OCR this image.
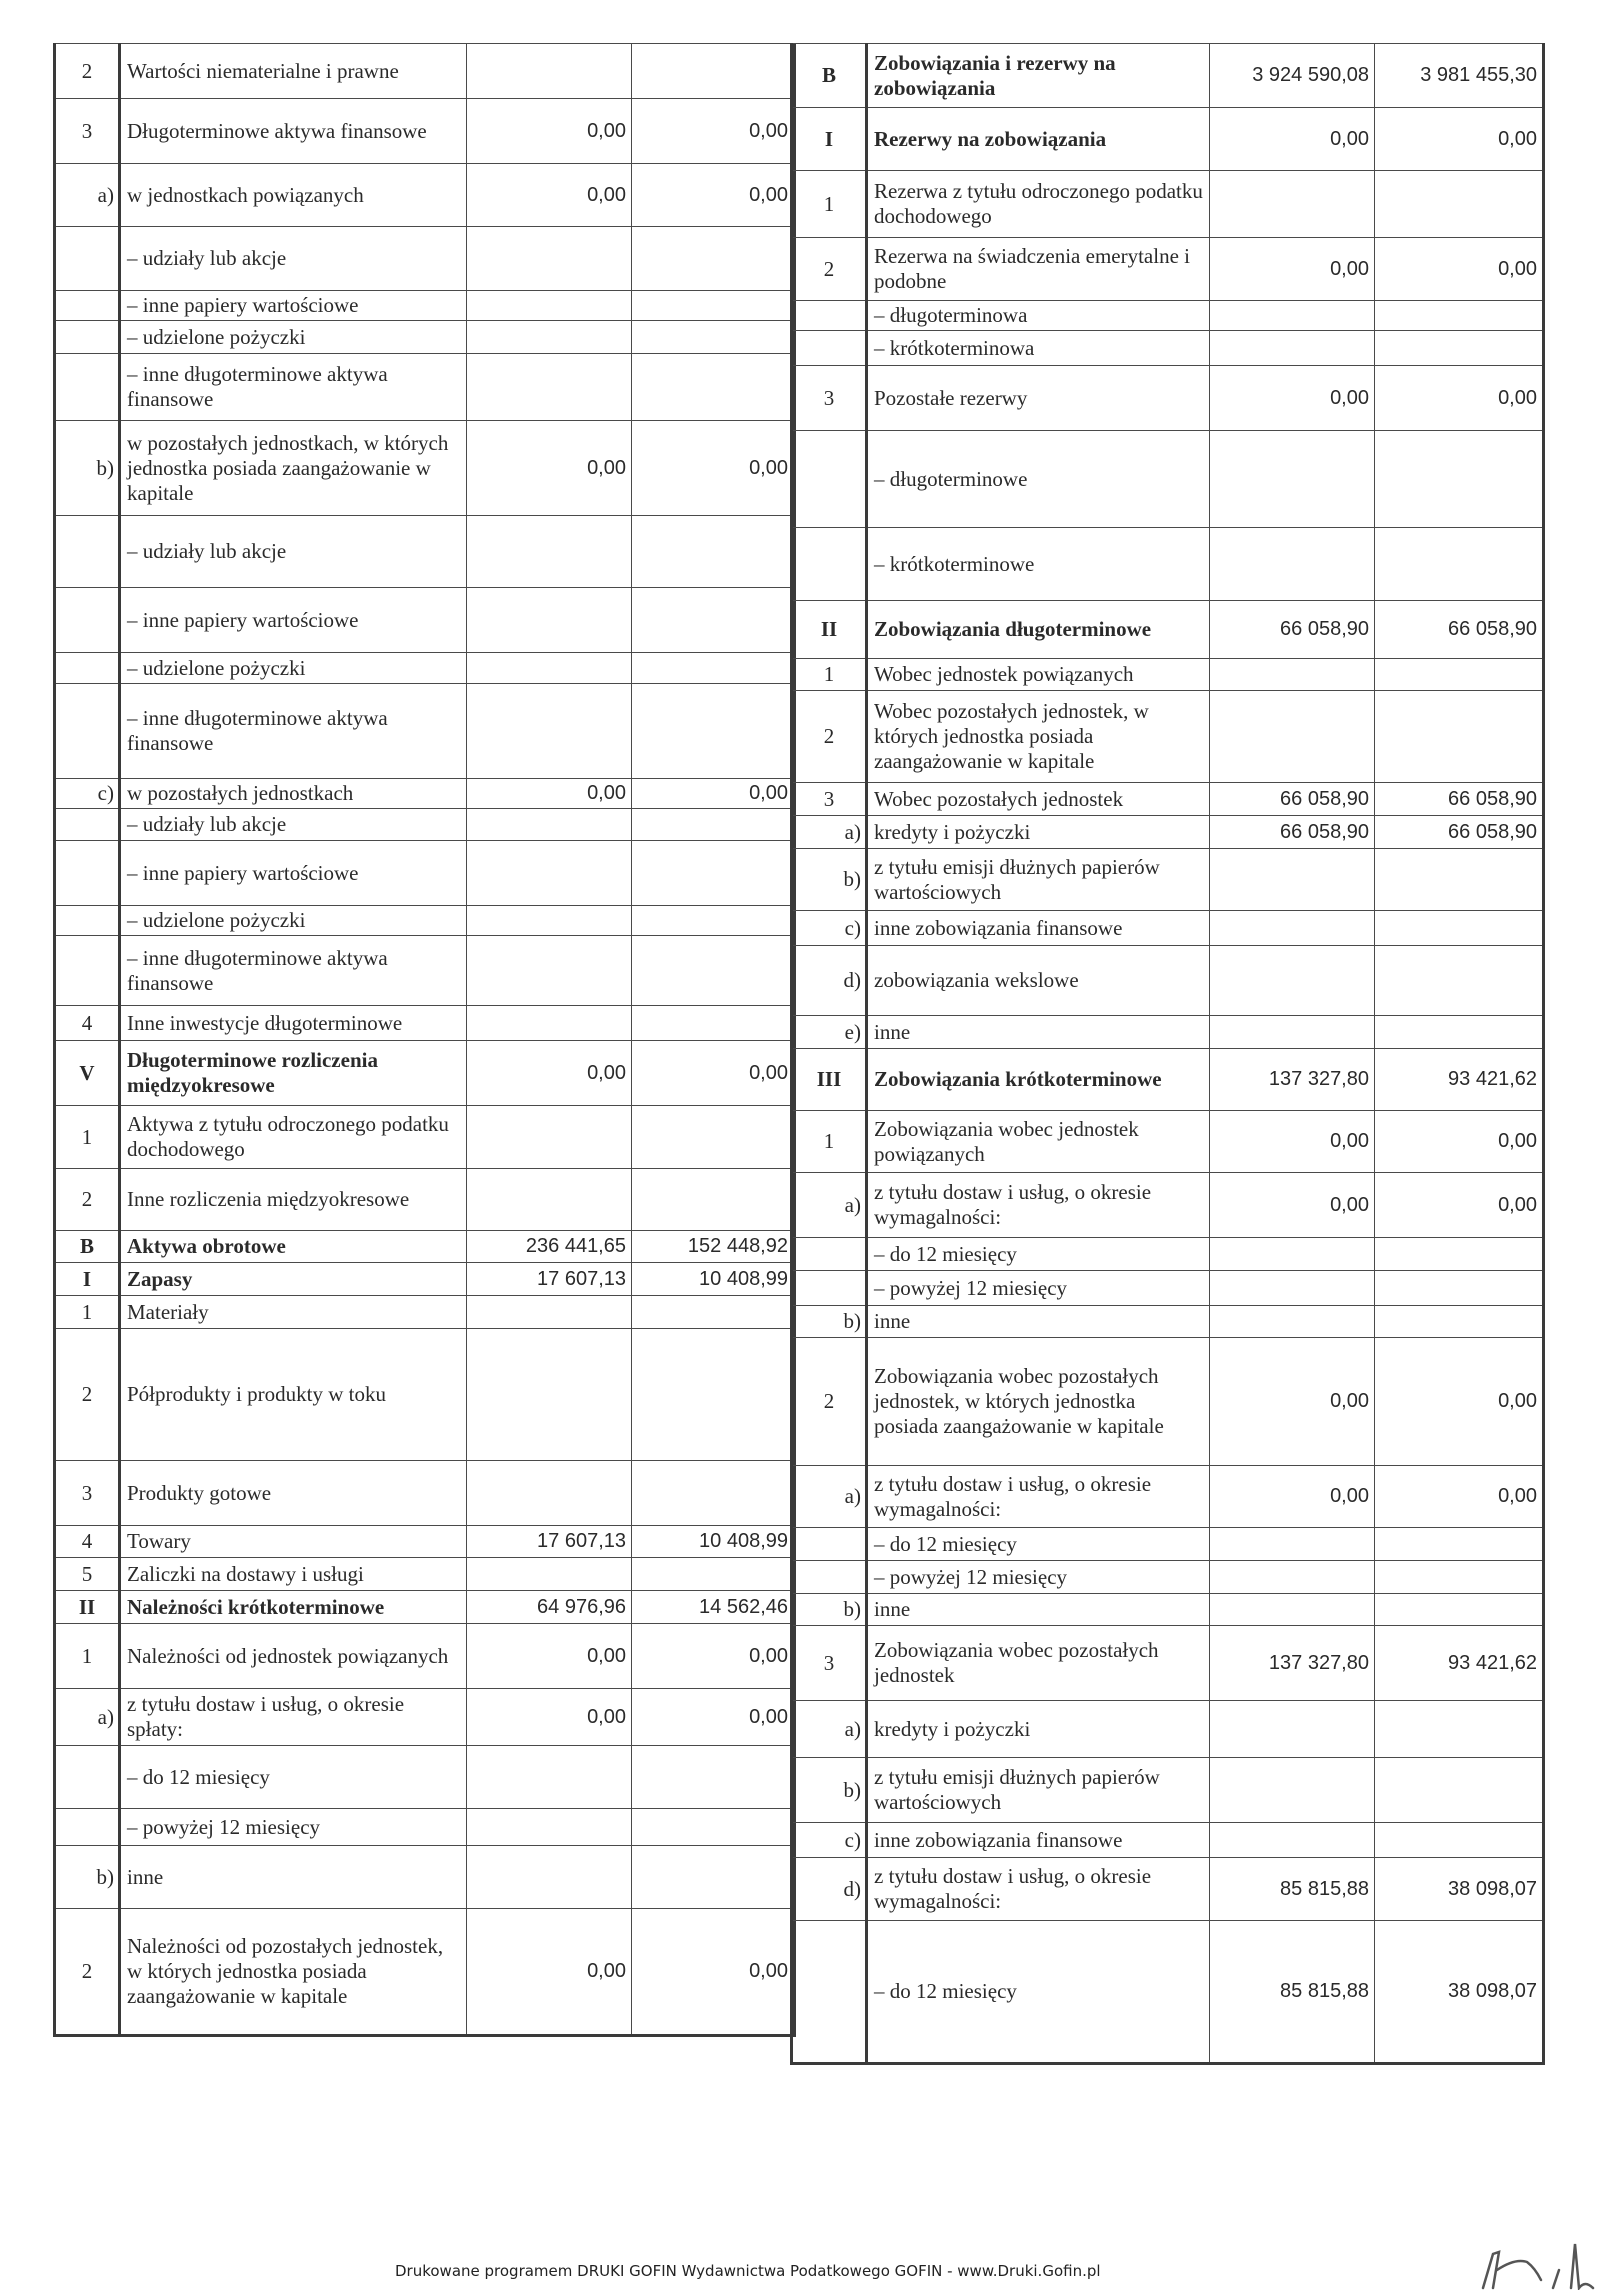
2	Wartości niematerialne i prawne		
3	Długoterminowe aktywa finansowe	0,00	0,00
a)	w jednostkach powiązanych	0,00	0,00
	– udziały lub akcje		
	– inne papiery wartościowe		
	– udzielone pożyczki		
	– inne długoterminowe aktywa finansowe		
b)	w pozostałych jednostkach, w których jednostka posiada zaangażowanie w kapitale	0,00	0,00
	– udziały lub akcje		
	– inne papiery wartościowe		
	– udzielone pożyczki		
	– inne długoterminowe aktywa finansowe		
c)	w pozostałych jednostkach	0,00	0,00
	– udziały lub akcje		
	– inne papiery wartościowe		
	– udzielone pożyczki		
	– inne długoterminowe aktywa finansowe		
4	Inne inwestycje długoterminowe		
V	Długoterminowe rozliczenia międzyokresowe	0,00	0,00
1	Aktywa z tytułu odroczonego podatku dochodowego		
2	Inne rozliczenia międzyokresowe		
B	Aktywa obrotowe	236 441,65	152 448,92
I	Zapasy	17 607,13	10 408,99
1	Materiały		
2	Półprodukty i produkty w toku		
3	Produkty gotowe		
4	Towary	17 607,13	10 408,99
5	Zaliczki na dostawy i usługi		
II	Należności krótkoterminowe	64 976,96	14 562,46
1	Należności od jednostek powiązanych	0,00	0,00
a)	z tytułu dostaw i usług, o okresie spłaty:	0,00	0,00
	– do 12 miesięcy		
	– powyżej 12 miesięcy		
b)	inne		
2	Należności od pozostałych jednostek, w których jednostka posiada zaangażowanie w kapitale	0,00	0,00
B	Zobowiązania i rezerwy na zobowiązania	3 924 590,08	3 981 455,30
I	Rezerwy na zobowiązania	0,00	0,00
1	Rezerwa z tytułu odroczonego podatku dochodowego		
2	Rezerwa na świadczenia emerytalne i podobne	0,00	0,00
	– długoterminowa		
	– krótkoterminowa		
3	Pozostałe rezerwy	0,00	0,00
	– długoterminowe		
	– krótkoterminowe		
II	Zobowiązania długoterminowe	66 058,90	66 058,90
1	Wobec jednostek powiązanych		
2	Wobec pozostałych jednostek, w których jednostka posiada zaangażowanie w kapitale		
3	Wobec pozostałych jednostek	66 058,90	66 058,90
a)	kredyty i pożyczki	66 058,90	66 058,90
b)	z tytułu emisji dłużnych papierów wartościowych		
c)	inne zobowiązania finansowe		
d)	zobowiązania wekslowe		
e)	inne		
III	Zobowiązania krótkoterminowe	137 327,80	93 421,62
1	Zobowiązania wobec jednostek powiązanych	0,00	0,00
a)	z tytułu dostaw i usług, o okresie wymagalności:	0,00	0,00
	– do 12 miesięcy		
	– powyżej 12 miesięcy		
b)	inne		
2	Zobowiązania wobec pozostałych jednostek, w których jednostka posiada zaangażowanie w kapitale	0,00	0,00
a)	z tytułu dostaw i usług, o okresie wymagalności:	0,00	0,00
	– do 12 miesięcy		
	– powyżej 12 miesięcy		
b)	inne		
3	Zobowiązania wobec pozostałych jednostek	137 327,80	93 421,62
a)	kredyty i pożyczki		
b)	z tytułu emisji dłużnych papierów wartościowych		
c)	inne zobowiązania finansowe		
d)	z tytułu dostaw i usług, o okresie wymagalności:	85 815,88	38 098,07
	– do 12 miesięcy	85 815,88	38 098,07
Drukowane programem DRUKI GOFIN Wydawnictwa Podatkowego GOFIN - www.Druki.Gofin.pl
